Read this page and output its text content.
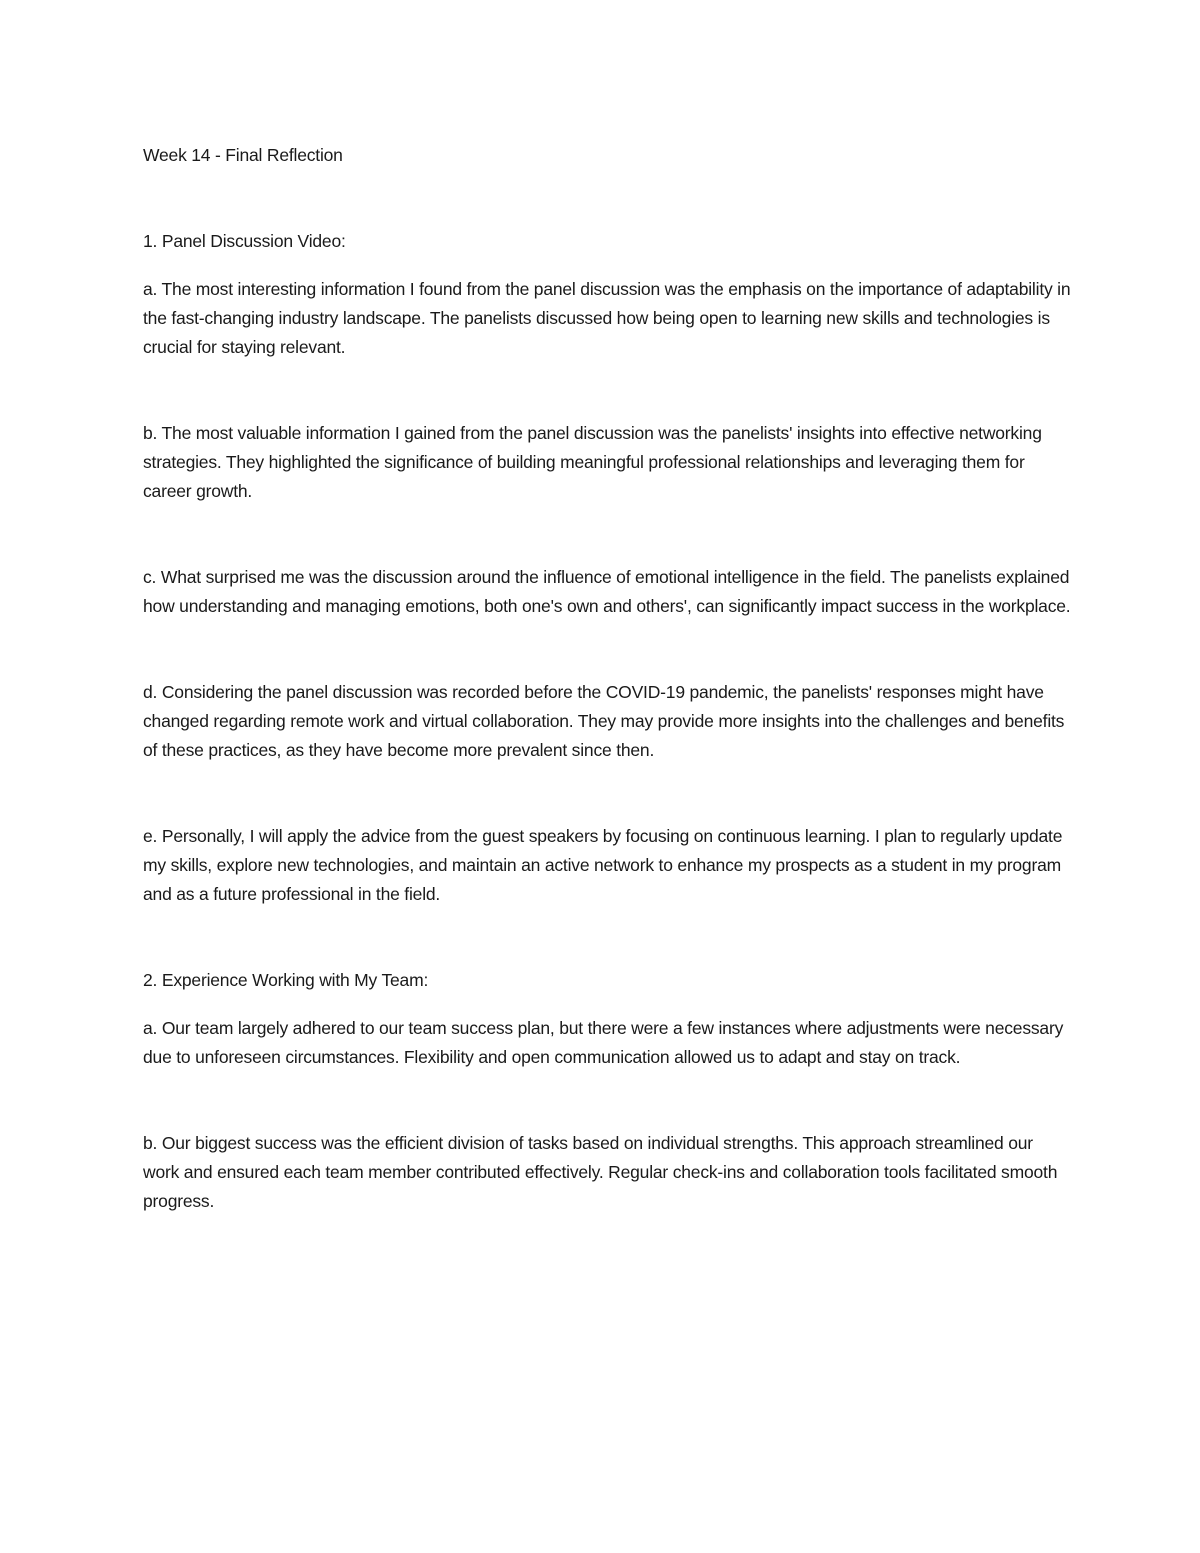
Week 14 - Final Reflection

1. Panel Discussion Video:

a. The most interesting information I found from the panel discussion was the emphasis on the importance of adaptability in the fast-changing industry landscape. The panelists discussed how being open to learning new skills and technologies is crucial for staying relevant.

b. The most valuable information I gained from the panel discussion was the panelists' insights into effective networking strategies. They highlighted the significance of building meaningful professional relationships and leveraging them for career growth.

c. What surprised me was the discussion around the influence of emotional intelligence in the field. The panelists explained how understanding and managing emotions, both one's own and others', can significantly impact success in the workplace.

d. Considering the panel discussion was recorded before the COVID-19 pandemic, the panelists' responses might have changed regarding remote work and virtual collaboration. They may provide more insights into the challenges and benefits of these practices, as they have become more prevalent since then.

e. Personally, I will apply the advice from the guest speakers by focusing on continuous learning. I plan to regularly update my skills, explore new technologies, and maintain an active network to enhance my prospects as a student in my program and as a future professional in the field.

2. Experience Working with My Team:

a. Our team largely adhered to our team success plan, but there were a few instances where adjustments were necessary due to unforeseen circumstances. Flexibility and open communication allowed us to adapt and stay on track.

b. Our biggest success was the efficient division of tasks based on individual strengths. This approach streamlined our work and ensured each team member contributed effectively. Regular check-ins and collaboration tools facilitated smooth progress.
